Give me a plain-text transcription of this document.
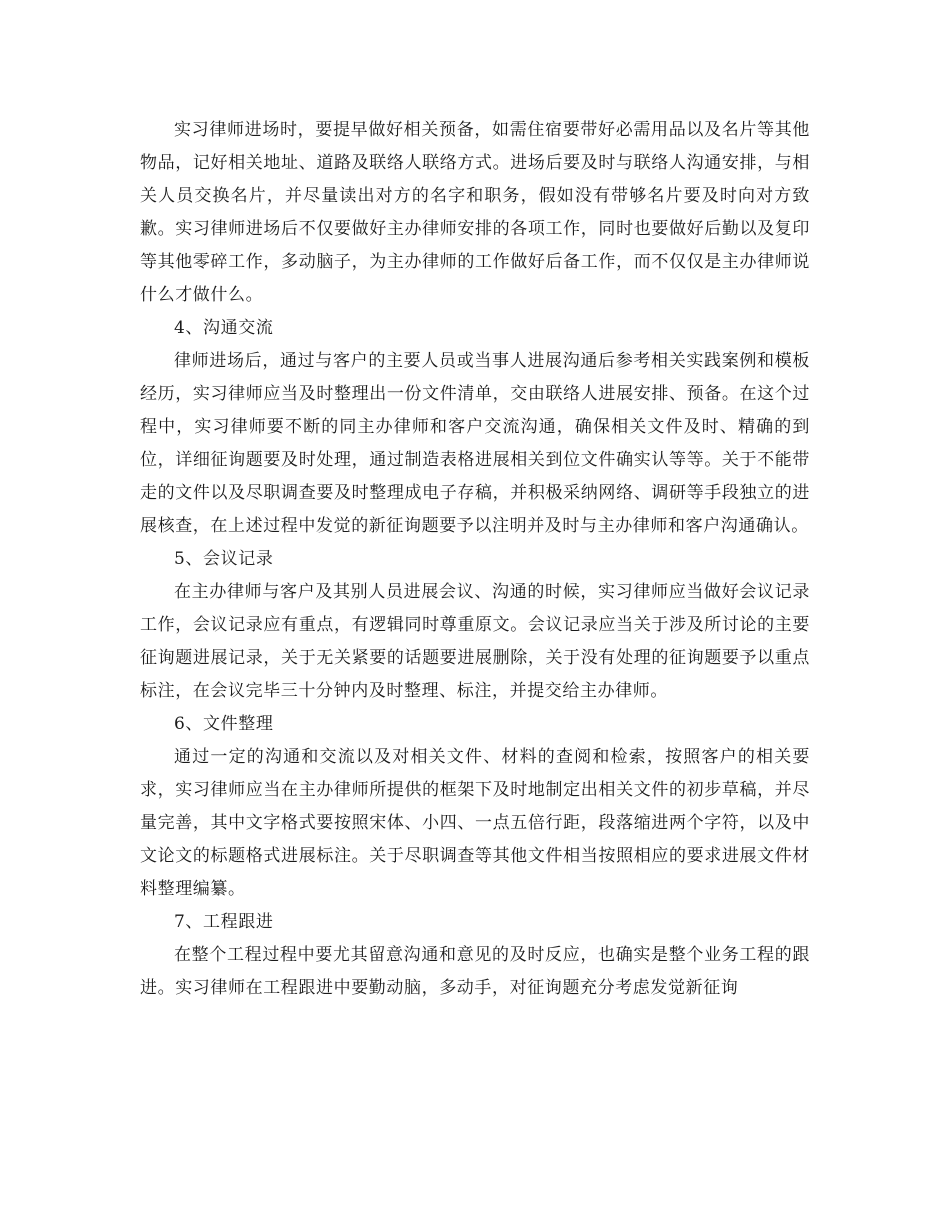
实习律师进场时，要提早做好相关预备，如需住宿要带好必需用品以及名片等其他物品，记好相关地址、道路及联络人联络方式。进场后要及时与联络人沟通安排，与相关人员交换名片，并尽量读出对方的名字和职务，假如没有带够名片要及时向对方致歉。实习律师进场后不仅要做好主办律师安排的各项工作，同时也要做好后勤以及复印等其他零碎工作，多动脑子，为主办律师的工作做好后备工作，而不仅仅是主办律师说什么才做什么。

4、沟通交流

律师进场后，通过与客户的主要人员或当事人进展沟通后参考相关实践案例和模板经历，实习律师应当及时整理出一份文件清单，交由联络人进展安排、预备。在这个过程中，实习律师要不断的同主办律师和客户交流沟通，确保相关文件及时、精确的到位，详细征询题要及时处理，通过制造表格进展相关到位文件确实认等等。关于不能带走的文件以及尽职调查要及时整理成电子存稿，并积极采纳网络、调研等手段独立的进展核查，在上述过程中发觉的新征询题要予以注明并及时与主办律师和客户沟通确认。

5、会议记录

在主办律师与客户及其别人员进展会议、沟通的时候，实习律师应当做好会议记录工作，会议记录应有重点，有逻辑同时尊重原文。会议记录应当关于涉及所讨论的主要征询题进展记录，关于无关紧要的话题要进展删除，关于没有处理的征询题要予以重点标注，在会议完毕三十分钟内及时整理、标注，并提交给主办律师。

6、文件整理

通过一定的沟通和交流以及对相关文件、材料的查阅和检索，按照客户的相关要求，实习律师应当在主办律师所提供的框架下及时地制定出相关文件的初步草稿，并尽量完善，其中文字格式要按照宋体、小四、一点五倍行距，段落缩进两个字符，以及中文论文的标题格式进展标注。关于尽职调查等其他文件相当按照相应的要求进展文件材料整理编纂。

7、工程跟进

在整个工程过程中要尤其留意沟通和意见的及时反应，也确实是整个业务工程的跟进。实习律师在工程跟进中要勤动脑，多动手，对征询题充分考虑发觉新征询
